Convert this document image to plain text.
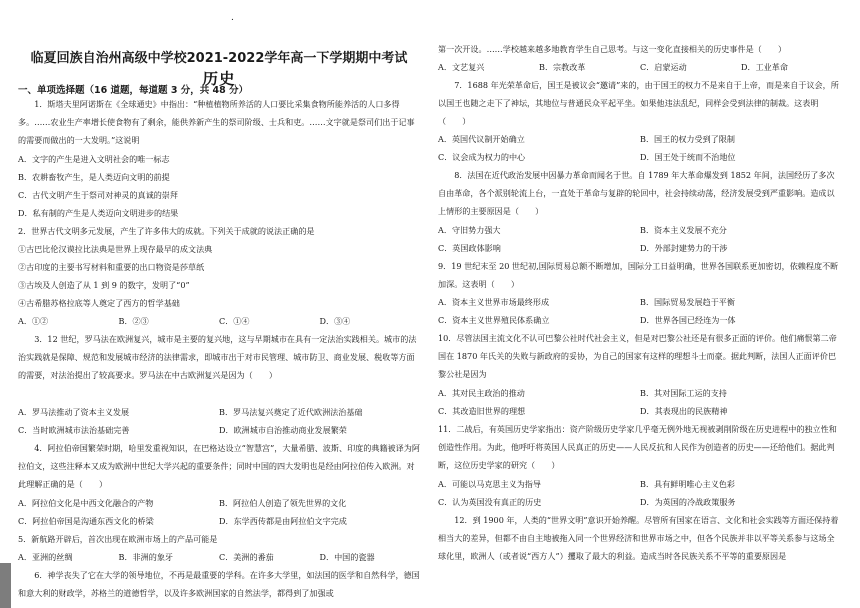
.
临夏回族自治州高级中学校2021-2022学年高一下学期期中考试
历史
一、单项选择题（16 道题，每道题 3 分，共 48 分）
1．斯塔夫里阿诺斯在《全球通史》中指出：“种植植物所养活的人口要比采集食物所能养活的人口多得多。……农业生产率增长使食物有了剩余，能供养新产生的祭司阶级、士兵和吏。……文字就是祭司们出于记事的需要而做出的一大发明。”这说明
A．文字的产生是进入文明社会的唯一标志
B．农耕畜牧产生，是人类迈向文明的前提
C．古代文明产生于祭司对神灵的真诚的崇拜
D．私有制的产生是人类迈向文明进步的结果
2．世界古代文明多元发展，产生了许多伟大的成就。下列关于成就的说法正确的是
①古巴比伦汉谟拉比法典是世界上现存最早的成文法典
②古印度的主要书写材料和重要的出口物资是莎草纸
③古埃及人创造了从 1 到 9 的数字，发明了“0”
④古希腊苏格拉底等人奠定了西方的哲学基础
A．①②	B．②③	C．①④	D．③④
3．12 世纪，罗马法在欧洲复兴，城市是主要的复兴地，这与早期城市在具有一定法治实践相关。城市的法治实践就是保障、规范和发展城市经济的法律需求，即城市出于对市民管理、城市防卫、商业发展、税收等方面的需要，对法治提出了较高要求。罗马法在中古欧洲复兴是因为（　　）
A．罗马法推动了资本主义发展	B．罗马法复兴奠定了近代欧洲法治基础
C．当时欧洲城市法治基础完善	D．欧洲城市自治推动商业发展繁荣
4．阿拉伯帝国繁荣时期，哈里发重视知识，在巴格达设立“智慧宫”，大量希腊、波斯、印度的典籍被译为阿拉伯文，这些注释本又成为欧洲中世纪大学兴起的重要条件；同时中国的四大发明也是经由阿拉伯传入欧洲。对此理解正确的是（　　）
A．阿拉伯文化是中西文化融合的产物	B．阿拉伯人创造了领先世界的文化
C．阿拉伯帝国是沟通东西文化的桥梁	D．东学西传都是由阿拉伯文字完成
5．新航路开辟后，首次出现在欧洲市场上的产品可能是
A．亚洲的丝绸	B．非洲的象牙	C．美洲的番茄	D．中国的瓷器
6．神学丧失了它在大学的领导地位，不再是最重要的学科。在许多大学里，如法国的医学和自然科学，德国和意大利的财政学，苏格兰的道德哲学，以及许多欧洲国家的自然法学，都得到了加强或
第一次开设。……学校越来越多地教育学生自己思考。与这一变化直接相关的历史事件是（　　）
A．文艺复兴	B．宗教改革	C．启蒙运动	D．工业革命
7．1688 年光荣革命后，国王是被议会“邀请”来的，由于国王的权力不是来自于上帝，而是来自于议会，所以国王也随之走下了神坛，其地位与普通民众平起平坐。如果他违法乱纪，同样会受到法律的制裁。这表明（　　）
A．英国代议制开始确立	B．国王的权力受到了限制
C．议会成为权力的中心	D．国王处于统而不治地位
8．法国在近代政治发展中因暴力革命而闻名于世。自 1789 年大革命爆发到 1852 年间，法国经历了多次自由革命，各个派别轮流上台，一直处于革命与复辟的轮回中，社会持续动荡，经济发展受到严重影响。造成以上情形的主要原因是（　　）
A．守旧势力强大	B．资本主义发展不充分
C．英国政体影响	D．外部封建势力的干涉
9．19 世纪末至 20 世纪初,国际贸易总额不断增加，国际分工日益明确，世界各国联系更加密切，依赖程度不断加深。这表明（　　）
A．资本主义世界市场最终形成	B．国际贸易发展趋于平衡
C．资本主义世界殖民体系确立	D．世界各国已经连为一体
10．尽管法国主流文化不认可巴黎公社时代社会主义，但是对巴黎公社还是有很多正面的评价。他们痛恨第二帝国在 1870 年氏关的失败与新政府的妥协，为自己的国家有这样的理想斗士而豪。据此判断，法国人正面评价巴黎公社是因为
A．其对民主政治的推动	B．其对国际工运的支持
C．其改造旧世界的理想	D．其表现出的民族精神
11．二战后，有英国历史学家指出：资产阶级历史学家几乎毫无例外地无视被剥削阶级在历史进程中的独立性和创造性作用。为此，他呼吁将英国人民真正的历史——人民反抗和人民作为创造者的历史——还给他们。据此判断，这位历史学家的研究（　　）
A．可能以马克思主义为指导	B．具有鲜明唯心主义色彩
C．认为英国没有真正的历史	D．为英国的冷战政策服务
12．到 1900 年，人类的“世界文明”意识开始养醒。尽管所有国家在语言、文化和社会实践等方面还保持着相当大的差异，但都不由自主地被拖入同一个世界经济和世界市场之中，但各个民族并非以平等关系参与这场全球化里，欧洲人（或者说“西方人”）攫取了最大的利益。造成当时各民族关系不平等的重要原因是
